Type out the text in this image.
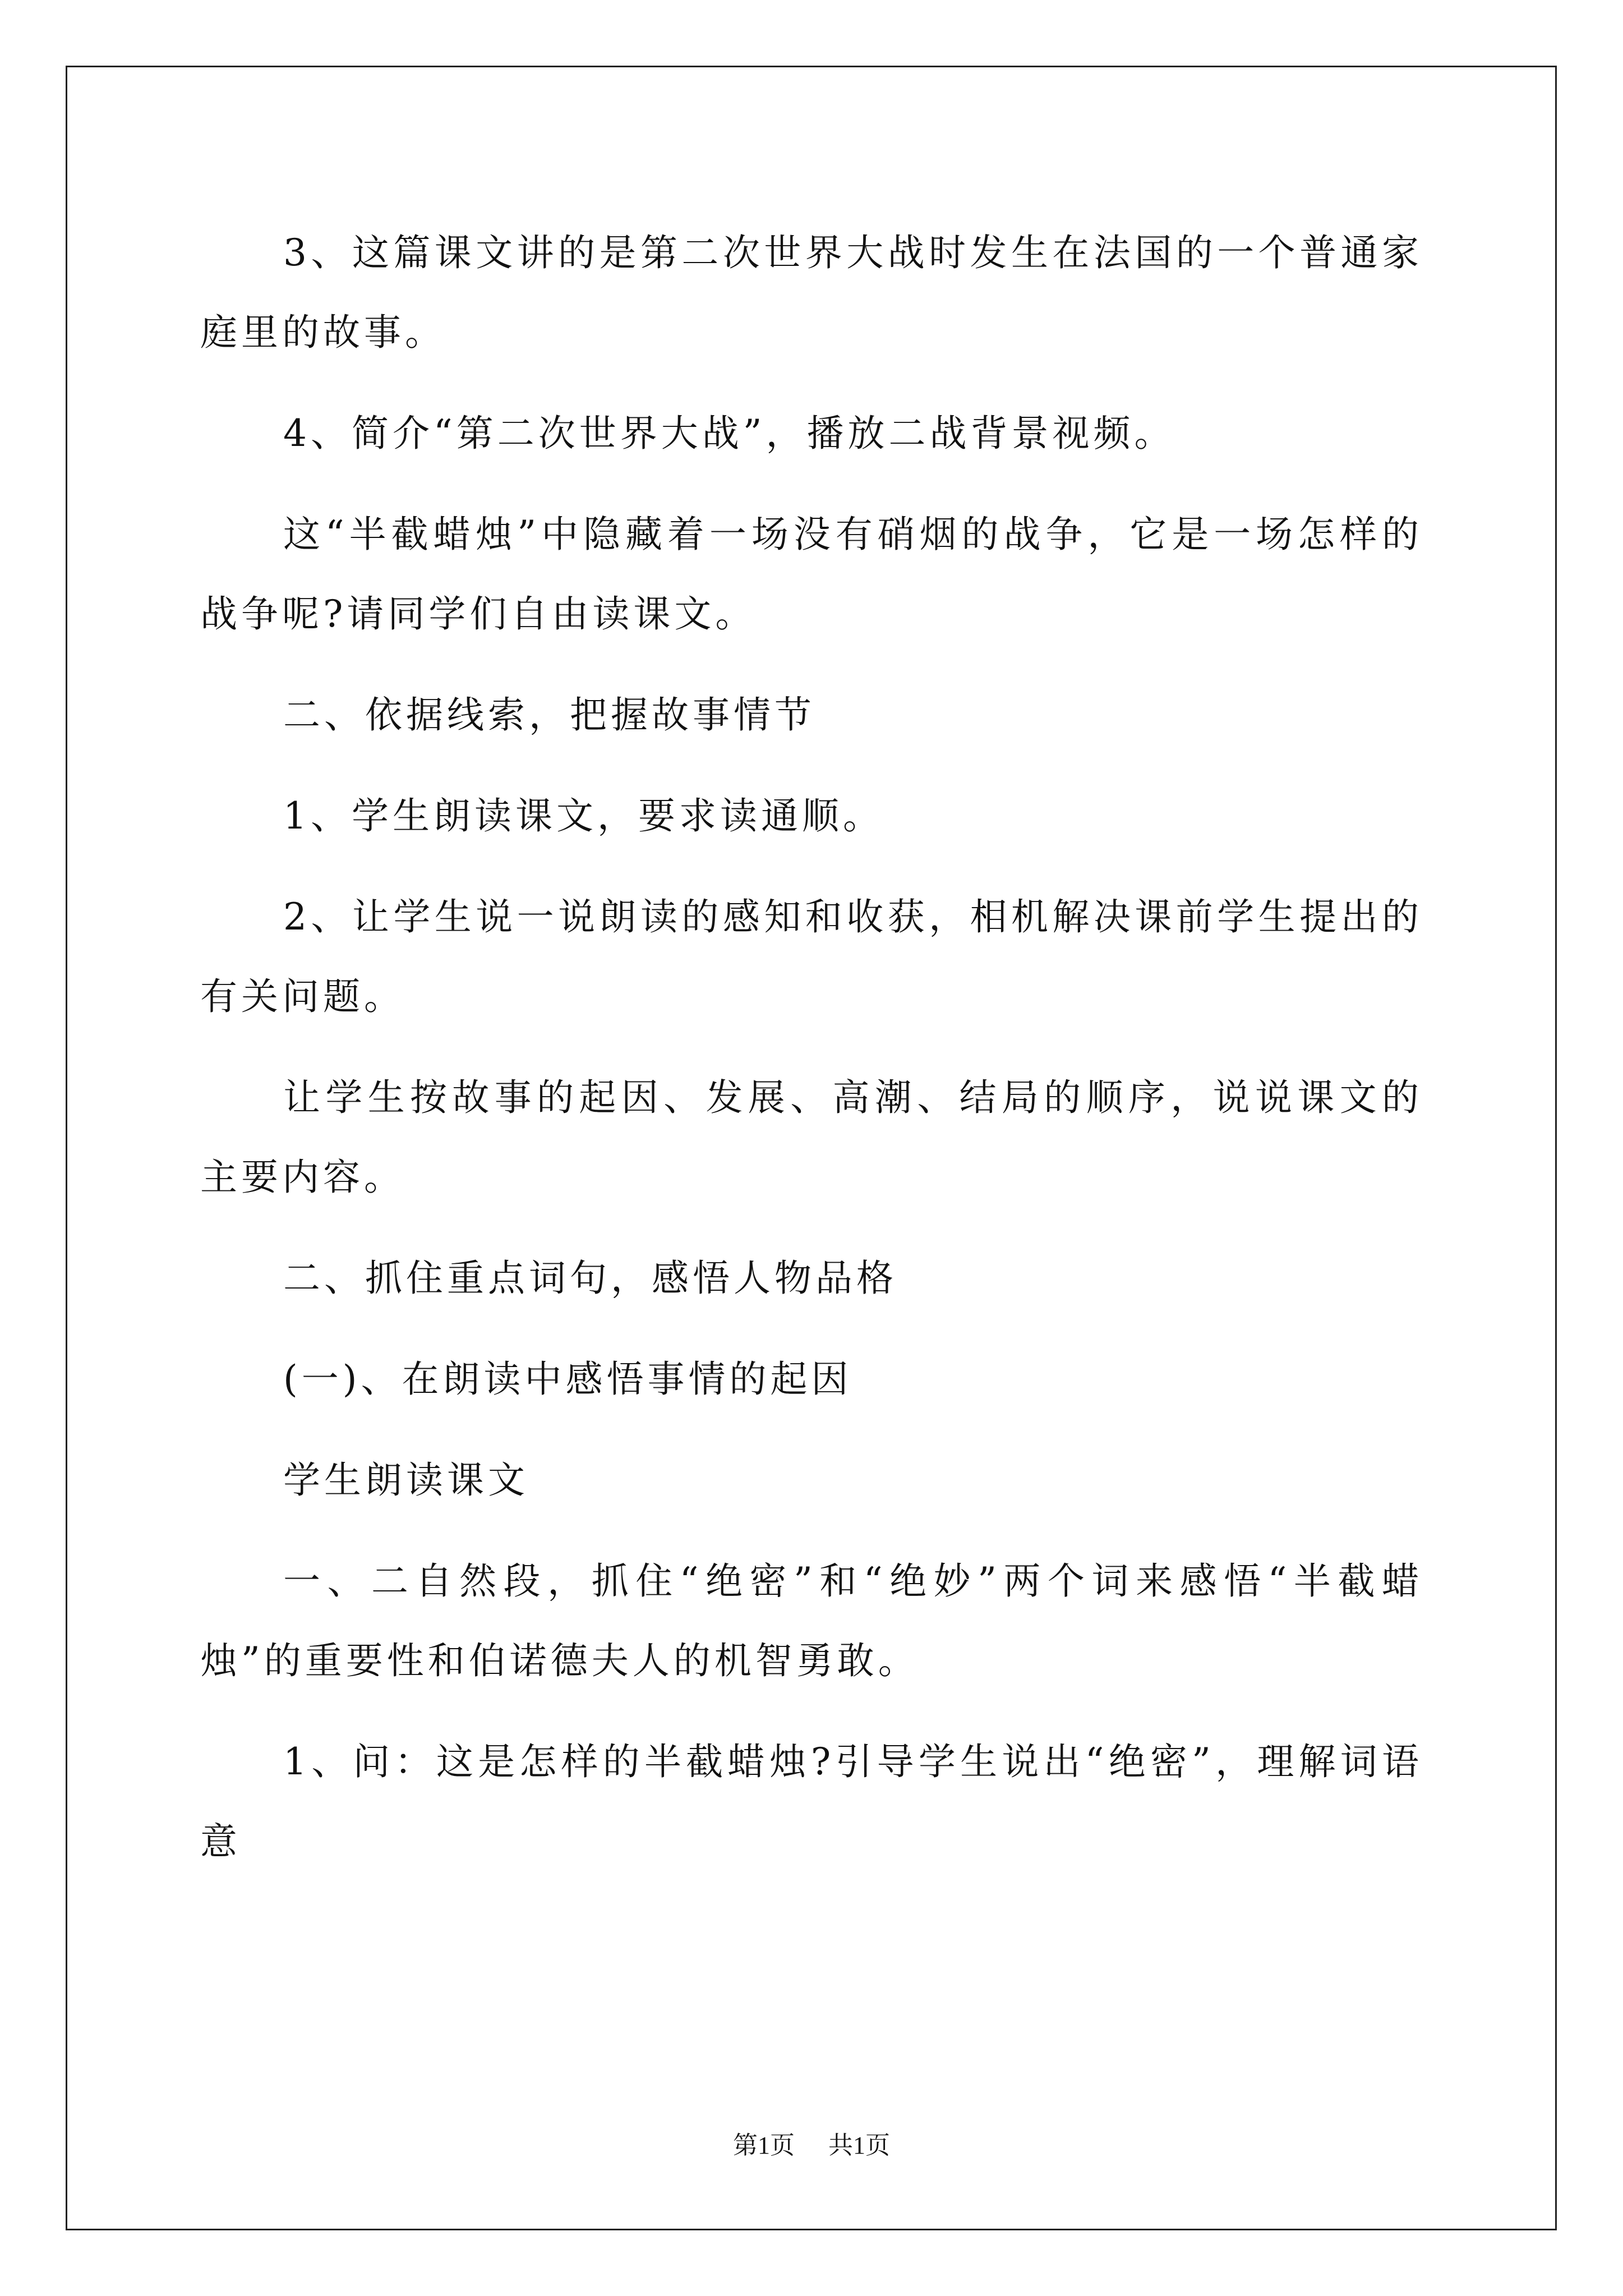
3、这篇课文讲的是第二次世界大战时发生在法国的一个普通家庭里的故事。

4、简介“第二次世界大战”，播放二战背景视频。

这“半截蜡烛”中隐藏着一场没有硝烟的战争，它是一场怎样的战争呢?请同学们自由读课文。

二、依据线索，把握故事情节

1、学生朗读课文，要求读通顺。

2、让学生说一说朗读的感知和收获，相机解决课前学生提出的有关问题。

让学生按故事的起因、发展、高潮、结局的顺序，说说课文的主要内容。

二、抓住重点词句，感悟人物品格

(一)、在朗读中感悟事情的起因

学生朗读课文

一、二自然段，抓住“绝密”和“绝妙”两个词来感悟“半截蜡烛”的重要性和伯诺德夫人的机智勇敢。

1、问：这是怎样的半截蜡烛?引导学生说出“绝密”，理解词语意

第1页 共1页
